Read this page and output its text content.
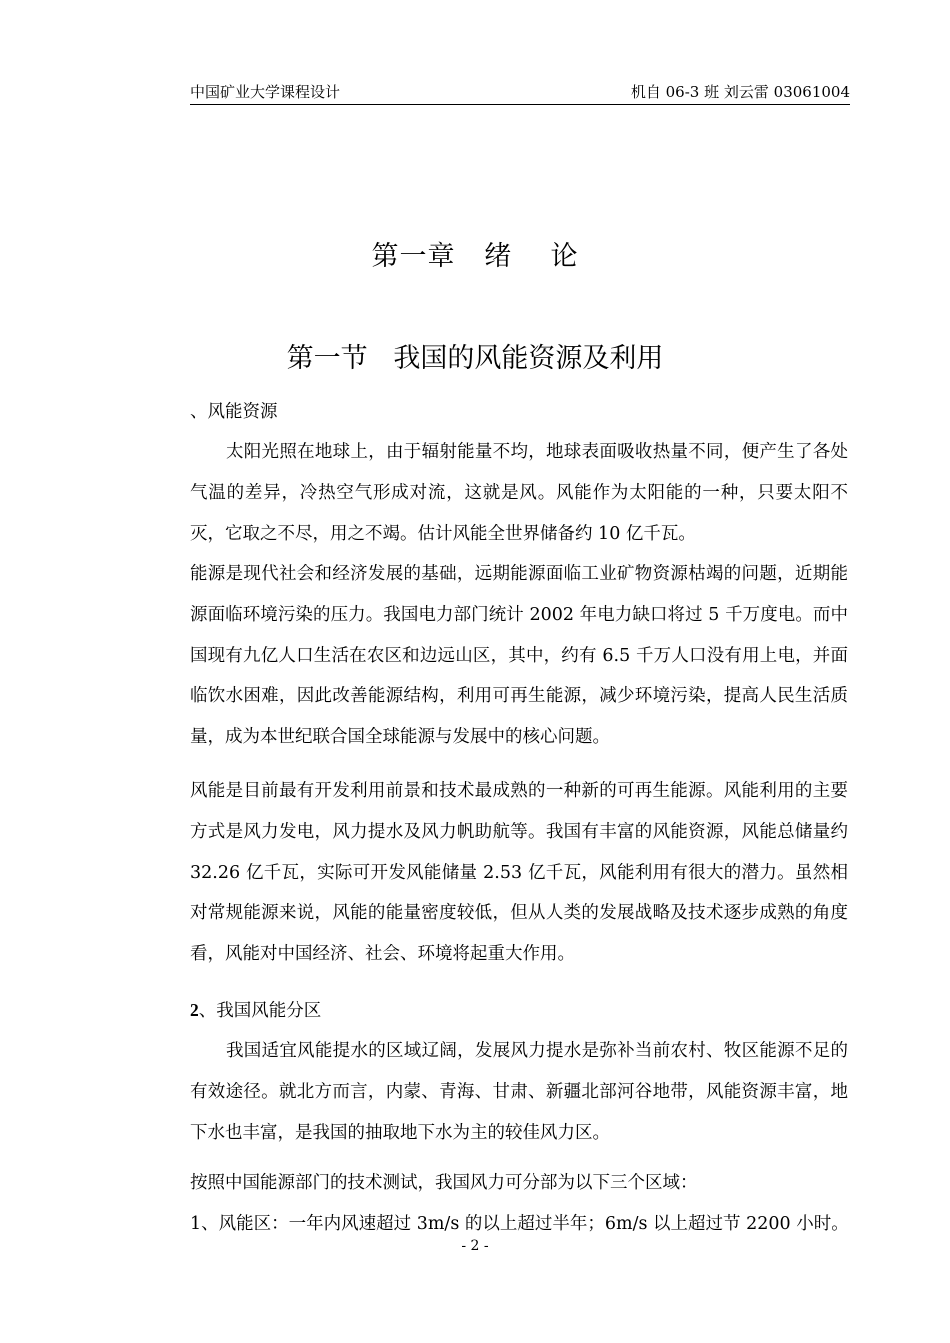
中国矿业大学课程设计	机自 06-3 班 刘云雷 03061004
第一章   绪    论
第一节   我国的风能资源及利用
、风能资源

太阳光照在地球上，由于辐射能量不均，地球表面吸收热量不同，便产生了各处气温的差异，冷热空气形成对流，这就是风。风能作为太阳能的一种，只要太阳不灭，它取之不尽，用之不竭。估计风能全世界储备约 10 亿千瓦。

能源是现代社会和经济发展的基础，远期能源面临工业矿物资源枯竭的问题，近期能源面临环境污染的压力。我国电力部门统计 2002 年电力缺口将过 5 千万度电。而中国现有九亿人口生活在农区和边远山区，其中，约有 6.5 千万人口没有用上电，并面临饮水困难，因此改善能源结构，利用可再生能源，减少环境污染，提高人民生活质量，成为本世纪联合国全球能源与发展中的核心问题。

风能是目前最有开发利用前景和技术最成熟的一种新的可再生能源。风能利用的主要方式是风力发电，风力提水及风力帆助航等。我国有丰富的风能资源，风能总储量约 32.26 亿千瓦，实际可开发风能储量 2.53 亿千瓦，风能利用有很大的潜力。虽然相对常规能源来说，风能的能量密度较低，但从人类的发展战略及技术逐步成熟的角度看，风能对中国经济、社会、环境将起重大作用。

2、我国风能分区

我国适宜风能提水的区域辽阔，发展风力提水是弥补当前农村、牧区能源不足的有效途径。就北方而言，内蒙、青海、甘肃、新疆北部河谷地带，风能资源丰富，地下水也丰富，是我国的抽取地下水为主的较佳风力区。

按照中国能源部门的技术测试，我国风力可分部为以下三个区域：
1、风能区：一年内风速超过 3m/s 的以上超过半年；6m/s 以上超过节 2200 小时。
- 2 -
